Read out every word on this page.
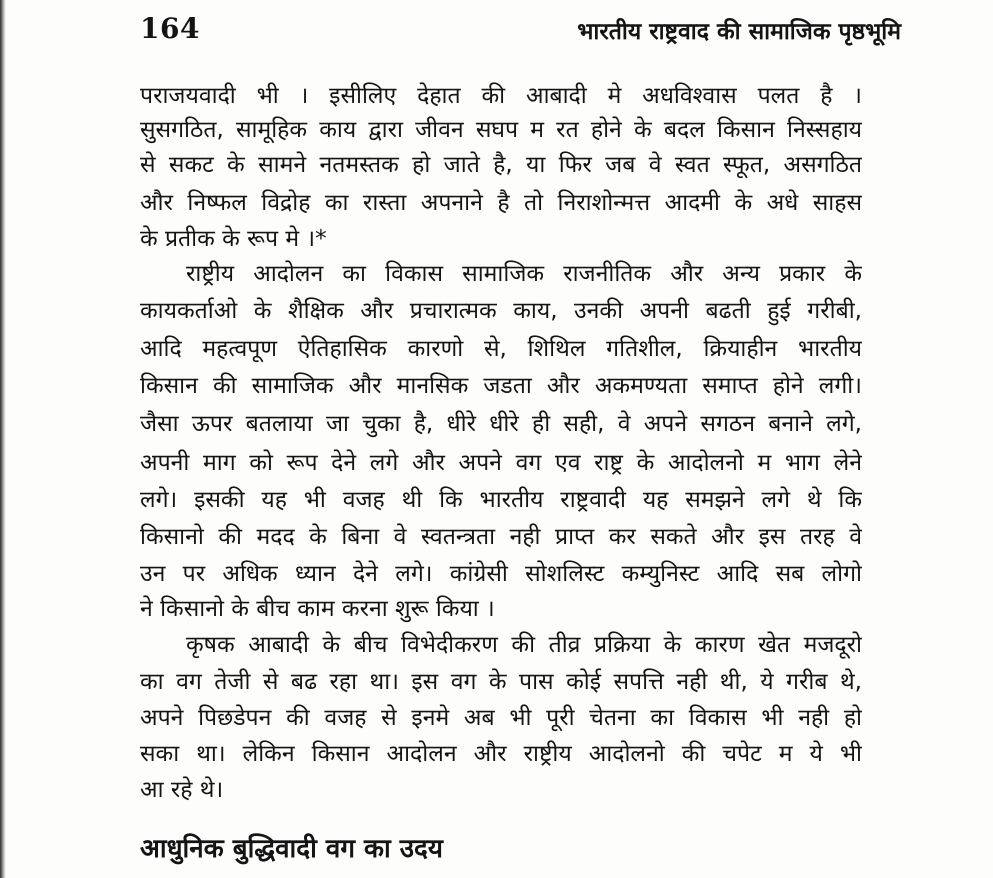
164	भारतीय राष्ट्रवाद की सामाजिक पृष्ठभूमि
पराजयवादी भी । इसीलिए देहात की आबादी मे अधविश्वास पलत है ।
सुसगठित, सामूहिक काय द्वारा जीवन सघप म रत होने के बदल किसान निस्सहाय
से सकट के सामने नतमस्तक हो जाते है, या फिर जब वे स्वत स्फूत, असगठित
और निष्फल विद्रोह का रास्ता अपनाने है तो निराशोन्मत्त आदमी के अधे साहस
के प्रतीक के रूप मे ।*
राष्ट्रीय आदोलन का विकास सामाजिक राजनीतिक और अन्य प्रकार के
कायकर्ताओ के शैक्षिक और प्रचारात्मक काय, उनकी अपनी बढती हुई गरीबी,
आदि महत्वपूण ऐतिहासिक कारणो से, शिथिल गतिशील, क्रियाहीन भारतीय
किसान की सामाजिक और मानसिक जडता और अकमण्यता समाप्त होने लगी।
जैसा ऊपर बतलाया जा चुका है, धीरे धीरे ही सही, वे अपने सगठन बनाने लगे,
अपनी माग को रूप देने लगे और अपने वग एव राष्ट्र के आदोलनो म भाग लेने
लगे। इसकी यह भी वजह थी कि भारतीय राष्ट्रवादी यह समझने लगे थे कि
किसानो की मदद के बिना वे स्वतन्त्रता नही प्राप्त कर सकते और इस तरह वे
उन पर अधिक ध्यान देने लगे। कांग्रेसी सोशलिस्ट कम्युनिस्ट आदि सब लोगो
ने किसानो के बीच काम करना शुरू किया ।
कृषक आबादी के बीच विभेदीकरण की तीव्र प्रक्रिया के कारण खेत मजदूरो
का वग तेजी से बढ रहा था। इस वग के पास कोई सपत्ति नही थी, ये गरीब थे,
अपने पिछडेपन की वजह से इनमे अब भी पूरी चेतना का विकास भी नही हो
सका था। लेकिन किसान आदोलन और राष्ट्रीय आदोलनो की चपेट म ये भी
आ रहे थे।
आधुनिक बुद्धिवादी वग का उदय
